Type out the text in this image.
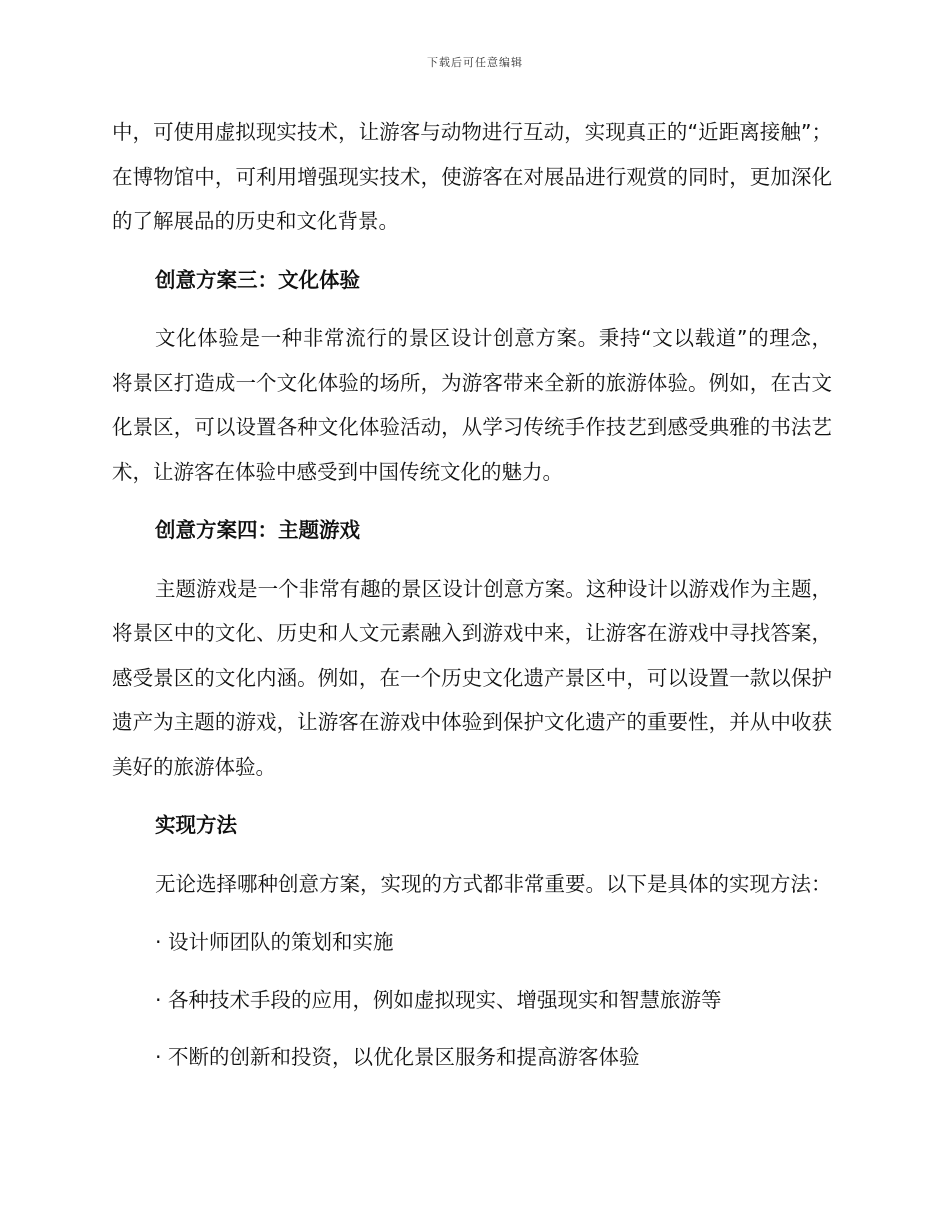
下载后可任意编辑

中，可使用虚拟现实技术，让游客与动物进行互动，实现真正的“近距离接触”；在博物馆中，可利用增强现实技术，使游客在对展品进行观赏的同时，更加深化的了解展品的历史和文化背景。

创意方案三：文化体验

文化体验是一种非常流行的景区设计创意方案。秉持“文以载道”的理念，将景区打造成一个文化体验的场所，为游客带来全新的旅游体验。例如，在古文化景区，可以设置各种文化体验活动，从学习传统手作技艺到感受典雅的书法艺术，让游客在体验中感受到中国传统文化的魅力。

创意方案四：主题游戏

主题游戏是一个非常有趣的景区设计创意方案。这种设计以游戏作为主题，将景区中的文化、历史和人文元素融入到游戏中来，让游客在游戏中寻找答案，感受景区的文化内涵。例如，在一个历史文化遗产景区中，可以设置一款以保护遗产为主题的游戏，让游客在游戏中体验到保护文化遗产的重要性，并从中收获美好的旅游体验。

实现方法

无论选择哪种创意方案，实现的方式都非常重要。以下是具体的实现方法：

· 设计师团队的策划和实施
· 各种技术手段的应用，例如虚拟现实、增强现实和智慧旅游等
· 不断的创新和投资，以优化景区服务和提高游客体验
